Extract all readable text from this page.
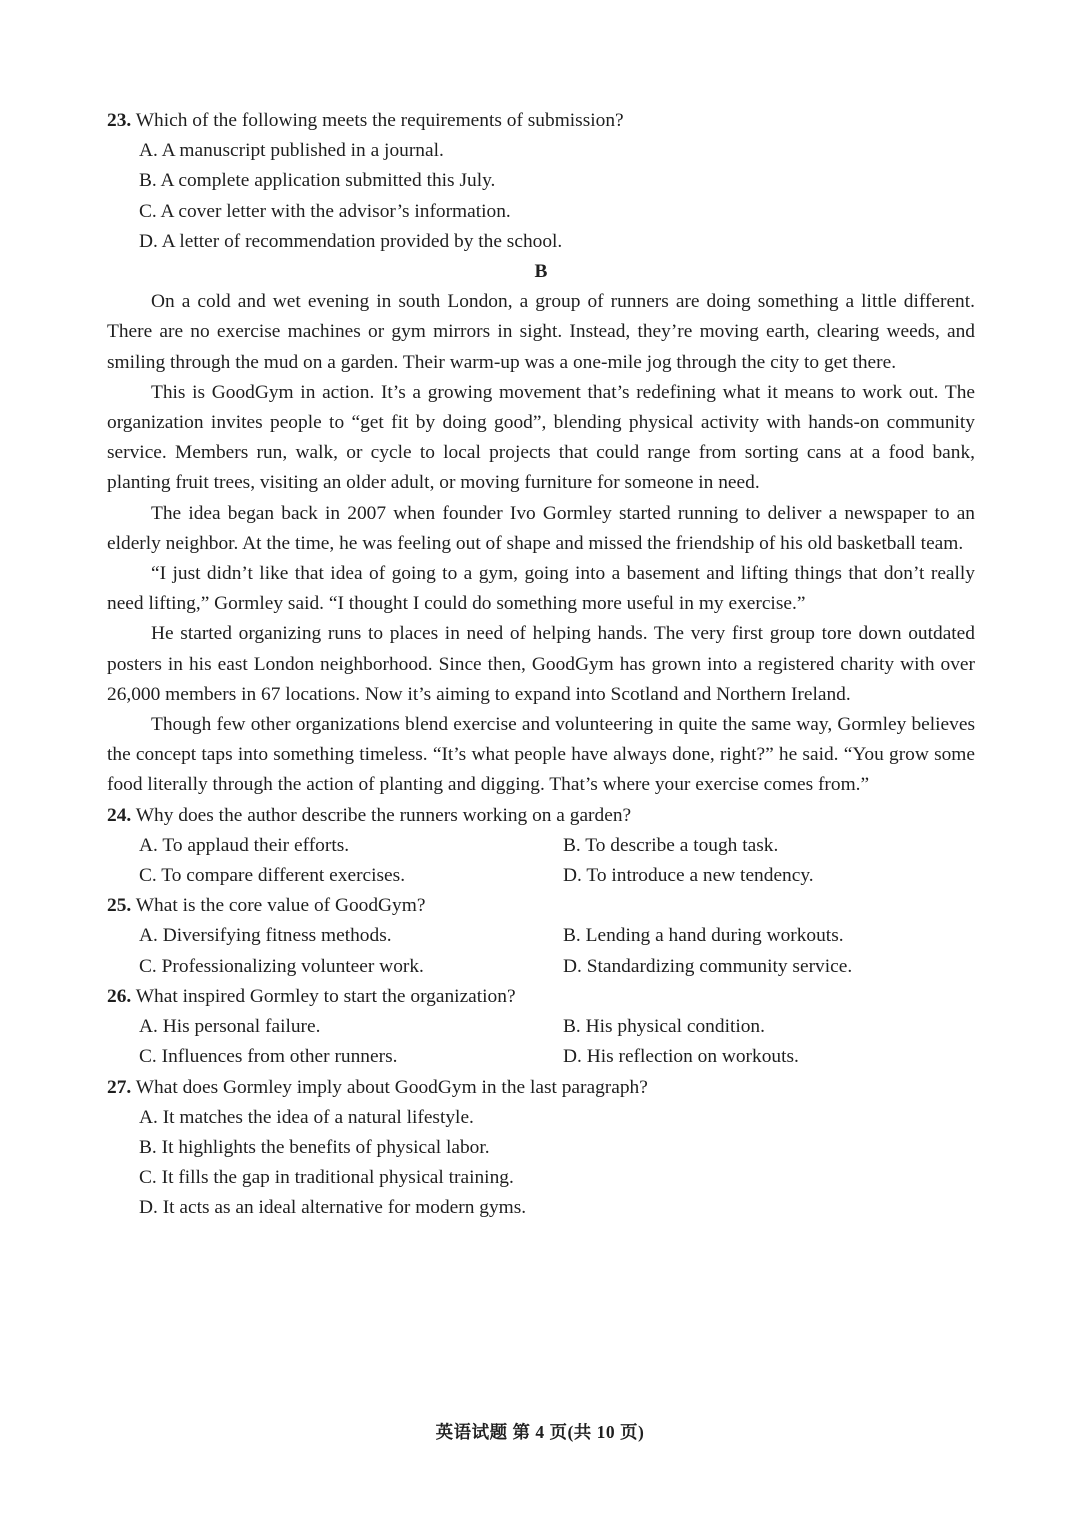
23. Which of the following meets the requirements of submission?

A. A manuscript published in a journal.

B. A complete application submitted this July.

C. A cover letter with the advisor’s information.

D. A letter of recommendation provided by the school.

B

On a cold and wet evening in south London, a group of runners are doing something a little different. There are no exercise machines or gym mirrors in sight. Instead, they’re moving earth, clearing weeds, and smiling through the mud on a garden. Their warm-up was a one-mile jog through the city to get there.

This is GoodGym in action. It’s a growing movement that’s redefining what it means to work out. The organization invites people to “get fit by doing good”, blending physical activity with hands-on community service. Members run, walk, or cycle to local projects that could range from sorting cans at a food bank, planting fruit trees, visiting an older adult, or moving furniture for someone in need.

The idea began back in 2007 when founder Ivo Gormley started running to deliver a newspaper to an elderly neighbor. At the time, he was feeling out of shape and missed the friendship of his old basketball team.

“I just didn’t like that idea of going to a gym, going into a basement and lifting things that don’t really need lifting,” Gormley said. “I thought I could do something more useful in my exercise.”

He started organizing runs to places in need of helping hands. The very first group tore down outdated posters in his east London neighborhood. Since then, GoodGym has grown into a registered charity with over 26,000 members in 67 locations. Now it’s aiming to expand into Scotland and Northern Ireland.

Though few other organizations blend exercise and volunteering in quite the same way, Gormley believes the concept taps into something timeless. “It’s what people have always done, right?” he said. “You grow some food literally through the action of planting and digging. That’s where your exercise comes from.”

24. Why does the author describe the runners working on a garden?

A. To applaud their efforts.	B. To describe a tough task.

C. To compare different exercises.	D. To introduce a new tendency.

25. What is the core value of GoodGym?

A. Diversifying fitness methods.	B. Lending a hand during workouts.

C. Professionalizing volunteer work.	D. Standardizing community service.

26. What inspired Gormley to start the organization?

A. His personal failure.	B. His physical condition.

C. Influences from other runners.	D. His reflection on workouts.

27. What does Gormley imply about GoodGym in the last paragraph?

A. It matches the idea of a natural lifestyle.

B. It highlights the benefits of physical labor.

C. It fills the gap in traditional physical training.

D. It acts as an ideal alternative for modern gyms.

英语试题 第 4 页(共 10 页)
